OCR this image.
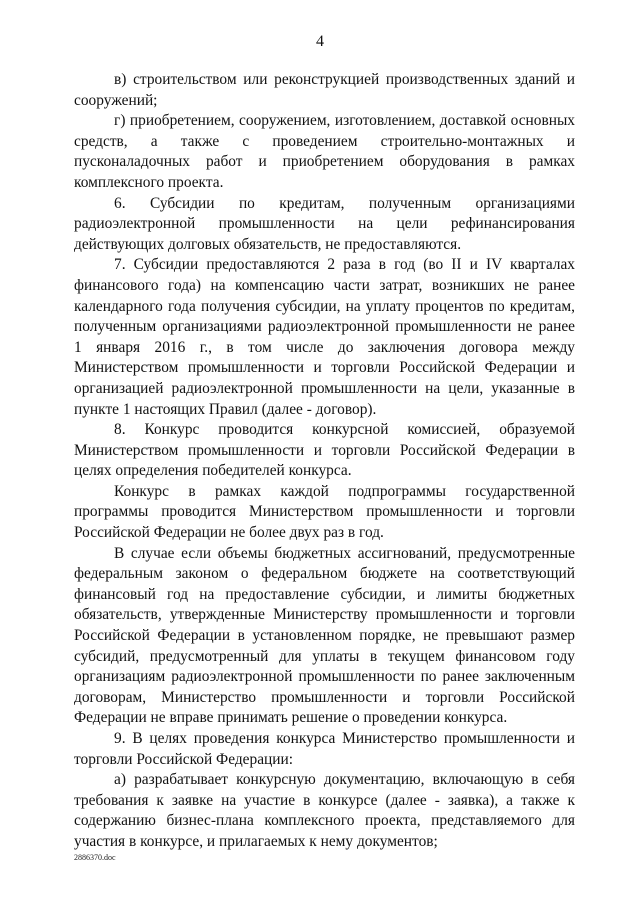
4

в) строительством или реконструкцией производственных зданий и сооружений;

г) приобретением, сооружением, изготовлением, доставкой основных средств, а также с проведением строительно-монтажных и пусконаладочных работ и приобретением оборудования в рамках комплексного проекта.

6. Субсидии по кредитам, полученным организациями радиоэлектронной промышленности на цели рефинансирования действующих долговых обязательств, не предоставляются.

7. Субсидии предоставляются 2 раза в год (во II и IV кварталах финансового года) на компенсацию части затрат, возникших не ранее календарного года получения субсидии, на уплату процентов по кредитам, полученным организациями радиоэлектронной промышленности не ранее 1 января 2016 г., в том числе до заключения договора между Министерством промышленности и торговли Российской Федерации и организацией радиоэлектронной промышленности на цели, указанные в пункте 1 настоящих Правил (далее - договор).

8. Конкурс проводится конкурсной комиссией, образуемой Министерством промышленности и торговли Российской Федерации в целях определения победителей конкурса.

Конкурс в рамках каждой подпрограммы государственной программы проводится Министерством промышленности и торговли Российской Федерации не более двух раз в год.

В случае если объемы бюджетных ассигнований, предусмотренные федеральным законом о федеральном бюджете на соответствующий финансовый год на предоставление субсидии, и лимиты бюджетных обязательств, утвержденные Министерству промышленности и торговли Российской Федерации в установленном порядке, не превышают размер субсидий, предусмотренный для уплаты в текущем финансовом году организациям радиоэлектронной промышленности по ранее заключенным договорам, Министерство промышленности и торговли Российской Федерации не вправе принимать решение о проведении конкурса.

9. В целях проведения конкурса Министерство промышленности и торговли Российской Федерации:

а) разрабатывает конкурсную документацию, включающую в себя требования к заявке на участие в конкурсе (далее - заявка), а также к содержанию бизнес-плана комплексного проекта, представляемого для участия в конкурсе, и прилагаемых к нему документов;

2886370.doc
